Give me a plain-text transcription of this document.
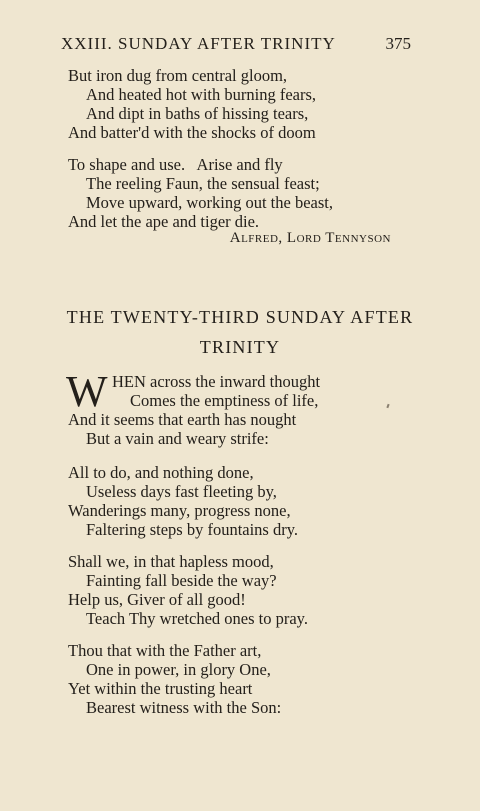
XXIII. SUNDAY AFTER TRINITY	375
But iron dug from central gloom,
And heated hot with burning fears,
And dipt in baths of hissing tears,
And batter'd with the shocks of doom
To shape and use.   Arise and fly
The reeling Faun, the sensual feast;
Move upward, working out the beast,
And let the ape and tiger die.
Alfred, Lord Tennyson
THE TWENTY-THIRD SUNDAY AFTER
TRINITY
W HEN across the inward thought
Comes the emptiness of life,
And it seems that earth has nought
But a vain and weary strife:
All to do, and nothing done,
Useless days fast fleeting by,
Wanderings many, progress none,
Faltering steps by fountains dry.
Shall we, in that hapless mood,
Fainting fall beside the way?
Help us, Giver of all good!
Teach Thy wretched ones to pray.
Thou that with the Father art,
One in power, in glory One,
Yet within the trusting heart
Bearest witness with the Son:
